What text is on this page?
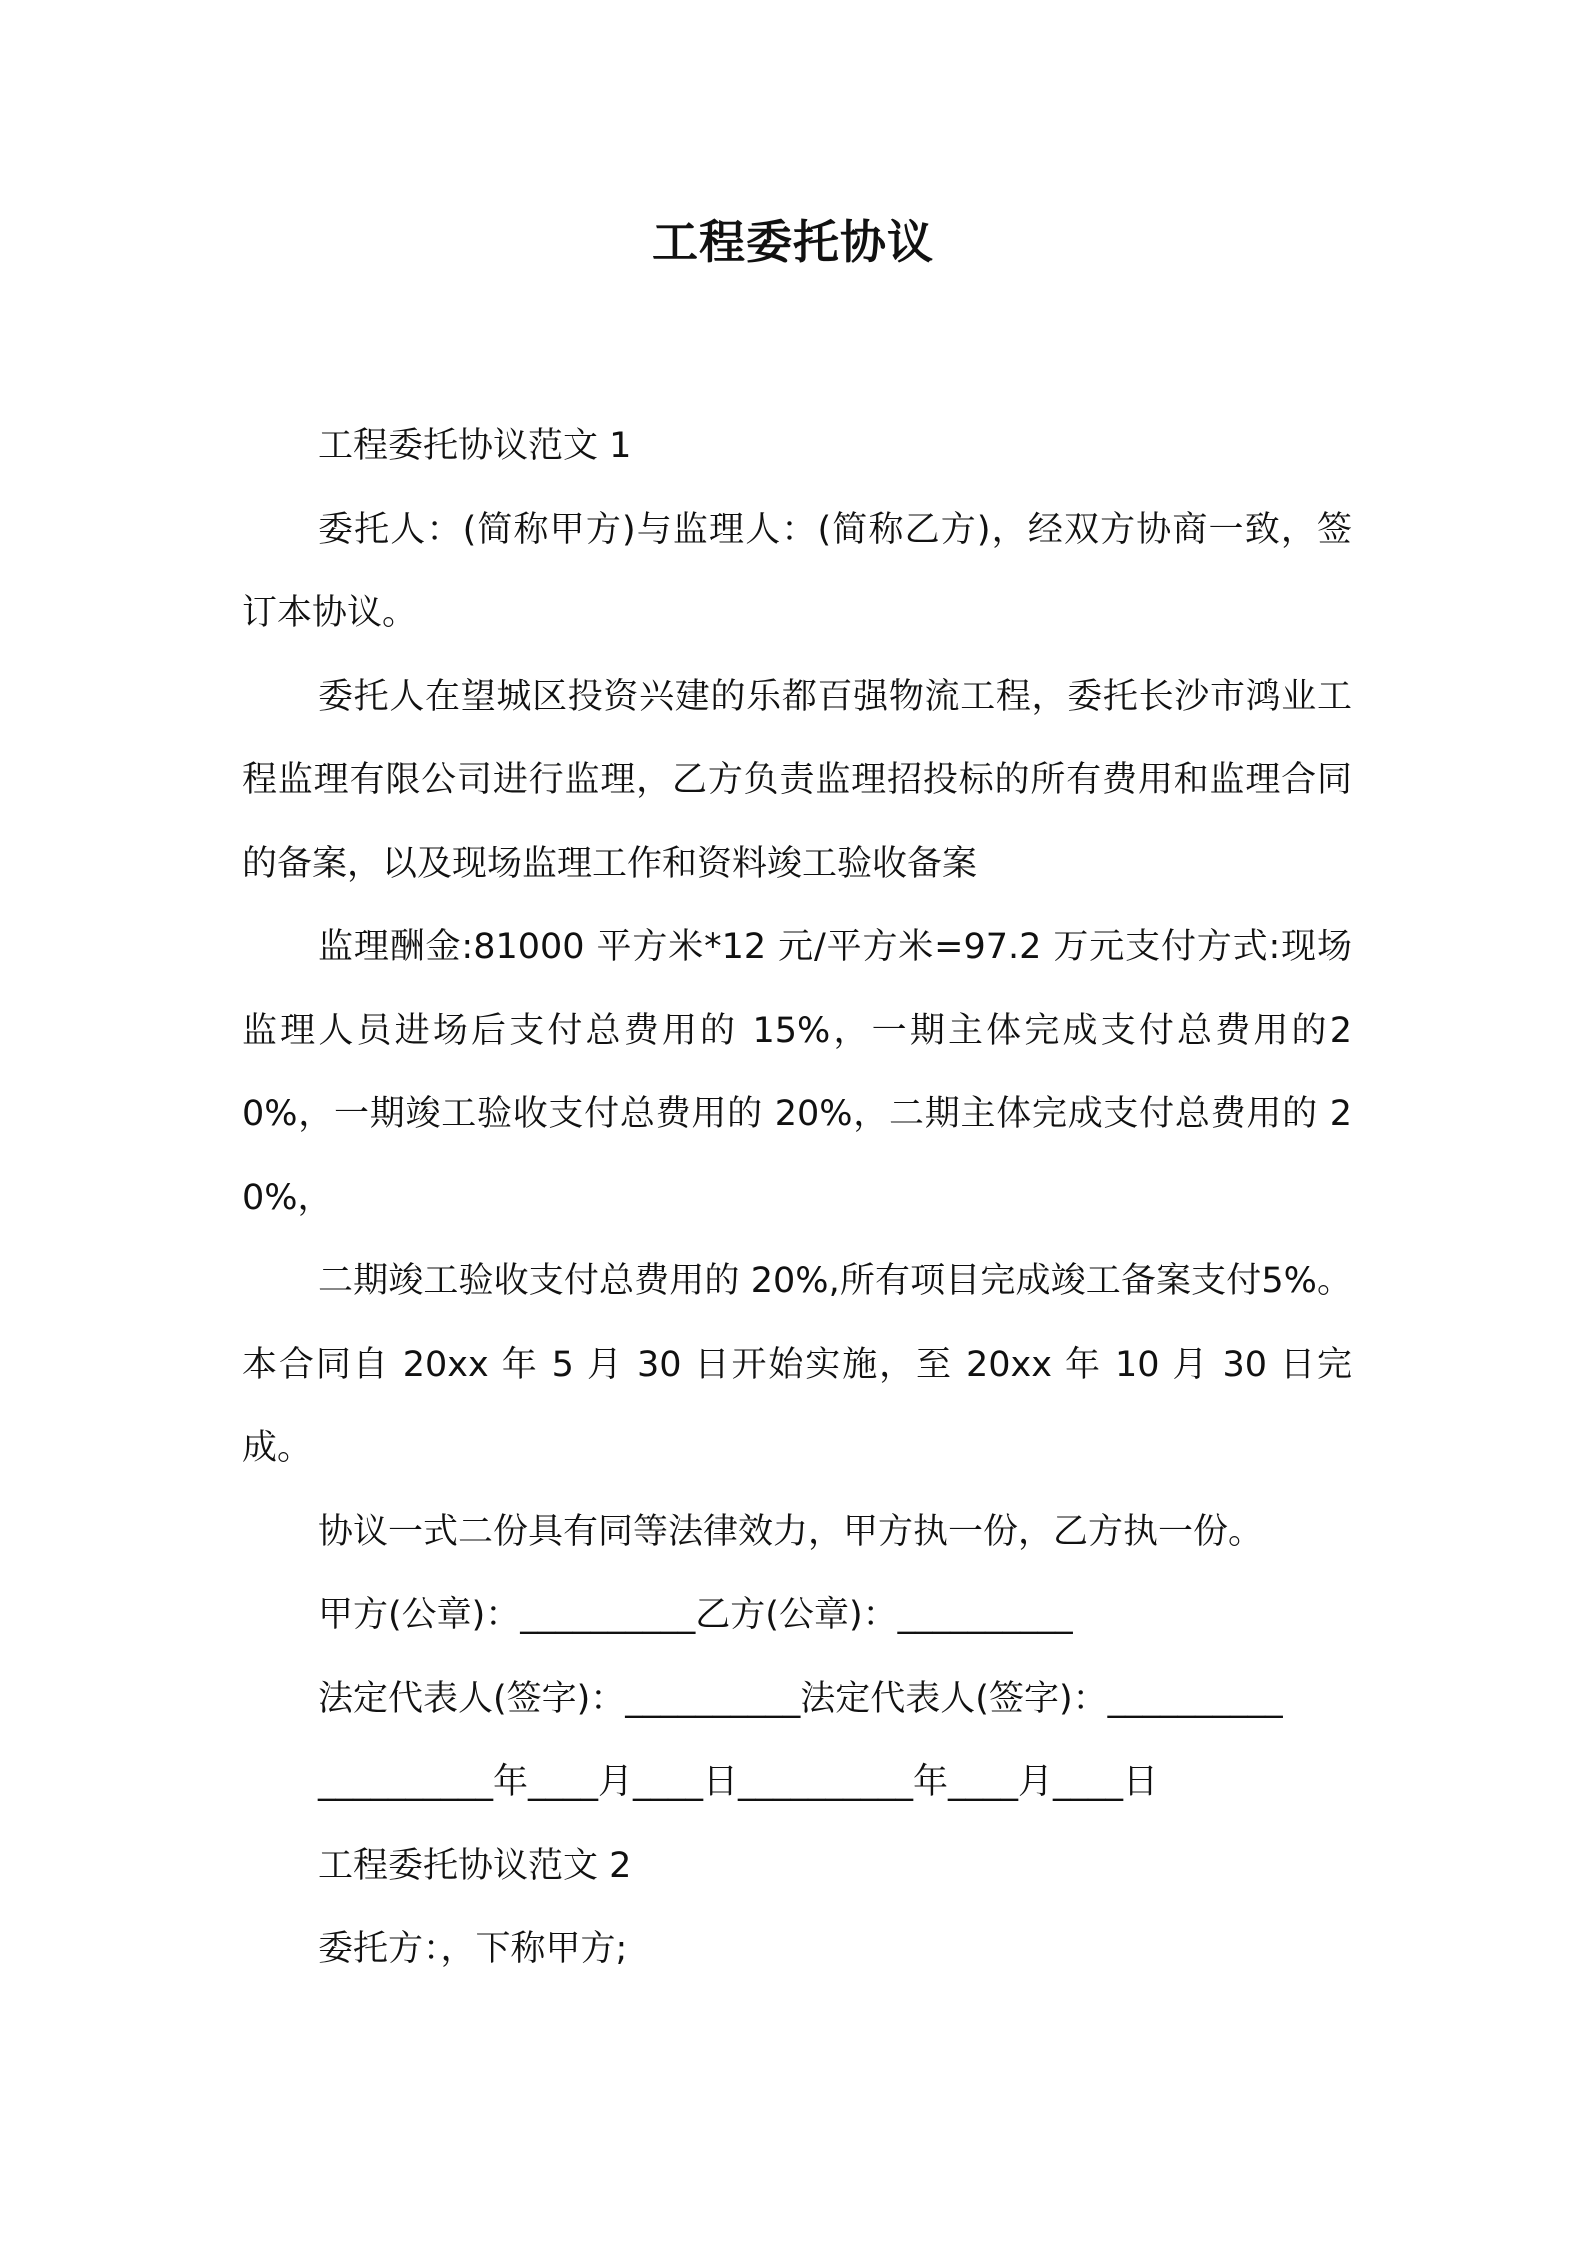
工程委托协议

工程委托协议范文 1

委托人：(简称甲方)与监理人：(简称乙方)，经双方协商一致，签订本协议。

委托人在望城区投资兴建的乐都百强物流工程，委托长沙市鸿业工程监理有限公司进行监理，乙方负责监理招投标的所有费用和监理合同的备案，以及现场监理工作和资料竣工验收备案

监理酬金:81000 平方米*12 元/平方米=97.2 万元支付方式:现场监理人员进场后支付总费用的 15%，一期主体完成支付总费用的20%，一期竣工验收支付总费用的 20%，二期主体完成支付总费用的 20%，

二期竣工验收支付总费用的 20%,所有项目完成竣工备案支付5%。本合同自 20xx 年 5 月 30 日开始实施，至 20xx 年 10 月 30 日完成。

协议一式二份具有同等法律效力，甲方执一份，乙方执一份。

甲方(公章)：__________乙方(公章)：__________

法定代表人(签字)：__________法定代表人(签字)：__________

__________年____月____日__________年____月____日

工程委托协议范文 2

委托方：，下称甲方;
